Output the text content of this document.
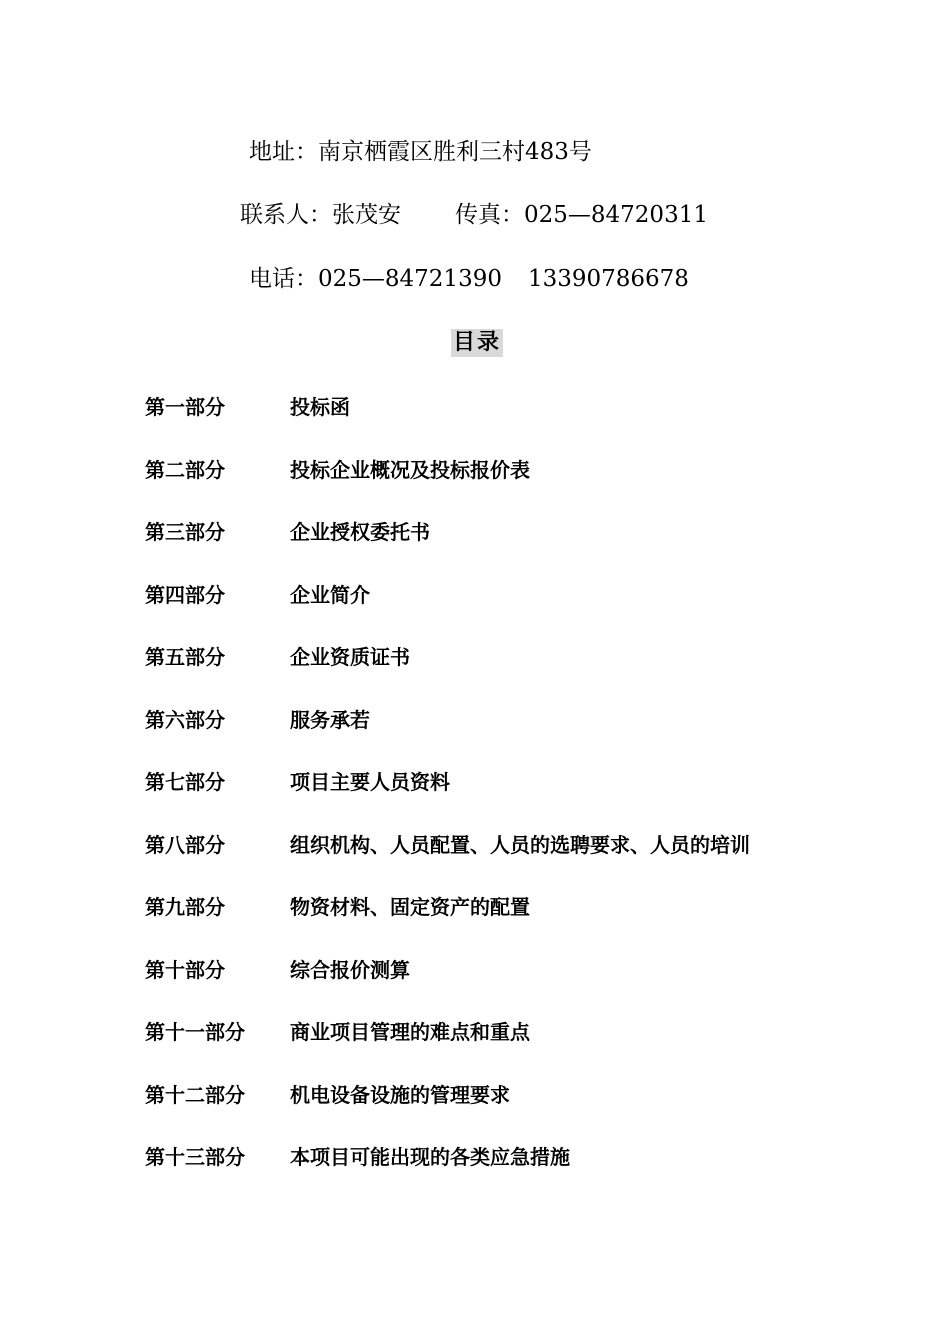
地址：南京栖霞区胜利三村483号
联系人：张茂安 传真：025—84720311
电话：025—84721390 13390786678
目录
第一部分	投标函
第二部分	投标企业概况及投标报价表
第三部分	企业授权委托书
第四部分	企业简介
第五部分	企业资质证书
第六部分	服务承若
第七部分	项目主要人员资料
第八部分	组织机构、人员配置、人员的选聘要求、人员的培训
第九部分	物资材料、固定资产的配置
第十部分	综合报价测算
第十一部分	商业项目管理的难点和重点
第十二部分	机电设备设施的管理要求
第十三部分	本项目可能出现的各类应急措施
